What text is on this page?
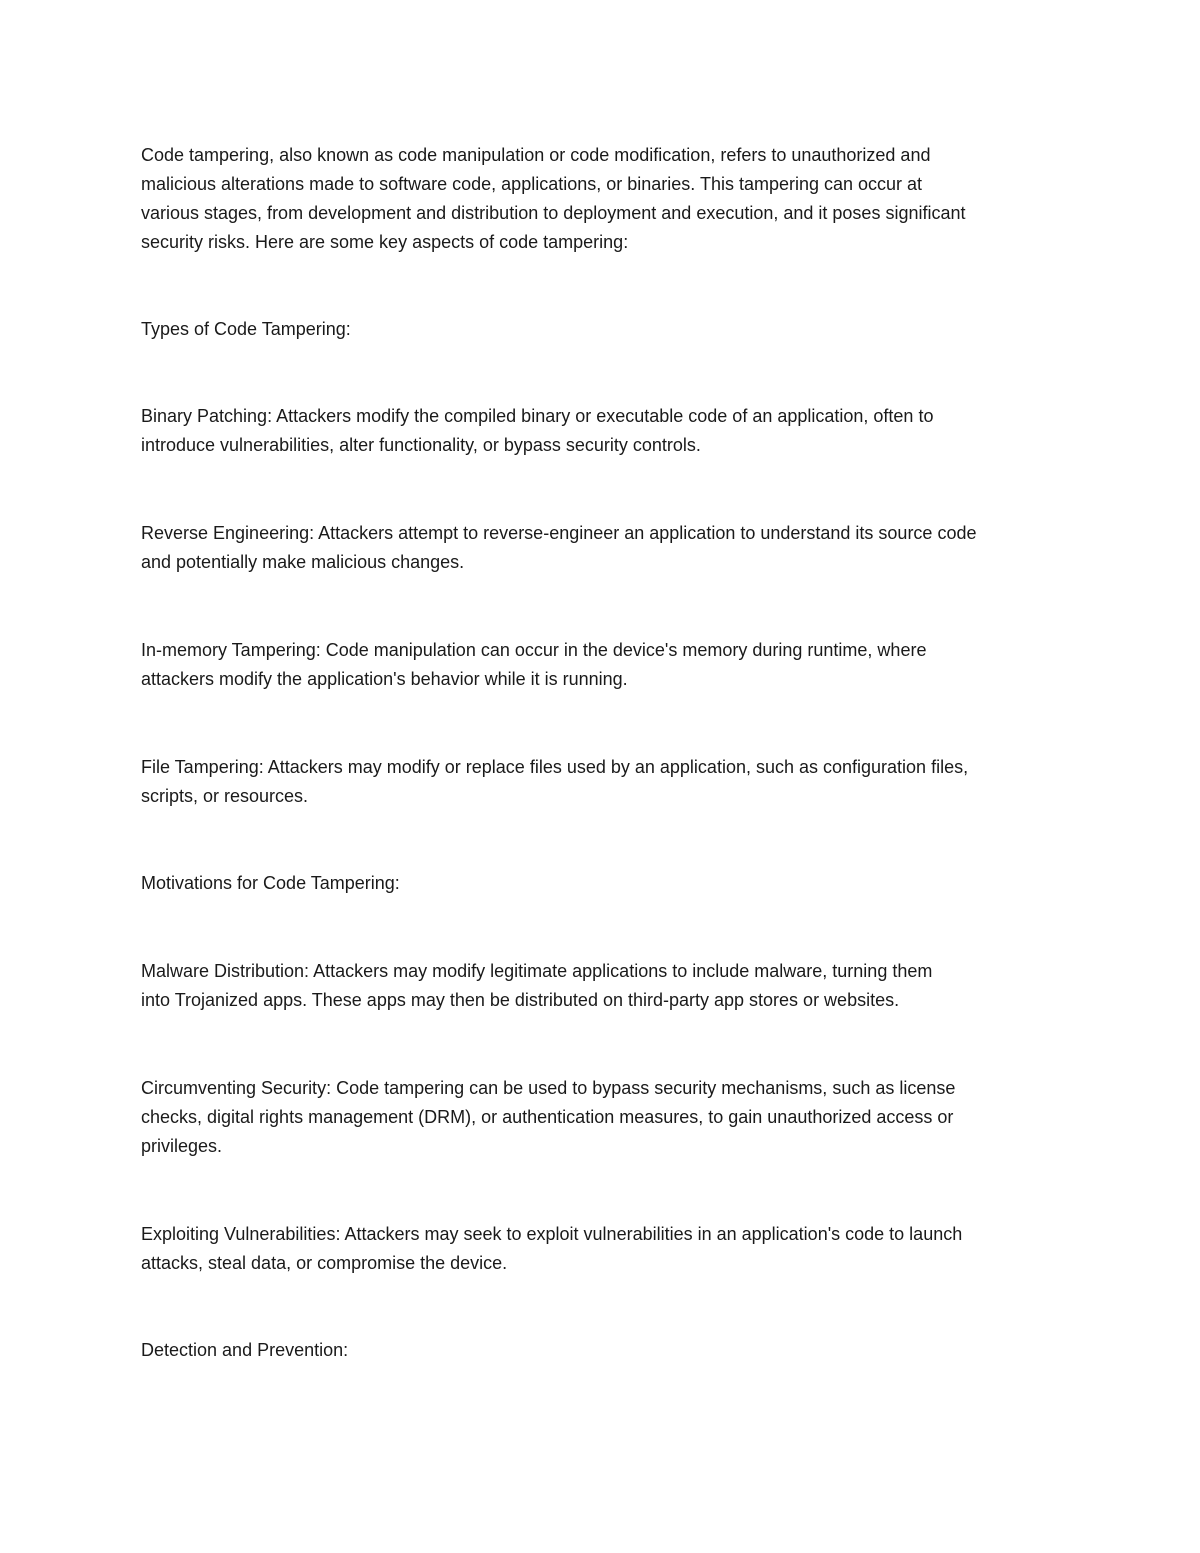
Code tampering, also known as code manipulation or code modification, refers to unauthorized and
malicious alterations made to software code, applications, or binaries. This tampering can occur at
various stages, from development and distribution to deployment and execution, and it poses significant
security risks. Here are some key aspects of code tampering:

Types of Code Tampering:

Binary Patching: Attackers modify the compiled binary or executable code of an application, often to
introduce vulnerabilities, alter functionality, or bypass security controls.

Reverse Engineering: Attackers attempt to reverse-engineer an application to understand its source code
and potentially make malicious changes.

In-memory Tampering: Code manipulation can occur in the device's memory during runtime, where
attackers modify the application's behavior while it is running.

File Tampering: Attackers may modify or replace files used by an application, such as configuration files,
scripts, or resources.

Motivations for Code Tampering:

Malware Distribution: Attackers may modify legitimate applications to include malware, turning them
into Trojanized apps. These apps may then be distributed on third-party app stores or websites.

Circumventing Security: Code tampering can be used to bypass security mechanisms, such as license
checks, digital rights management (DRM), or authentication measures, to gain unauthorized access or
privileges.

Exploiting Vulnerabilities: Attackers may seek to exploit vulnerabilities in an application's code to launch
attacks, steal data, or compromise the device.

Detection and Prevention:
